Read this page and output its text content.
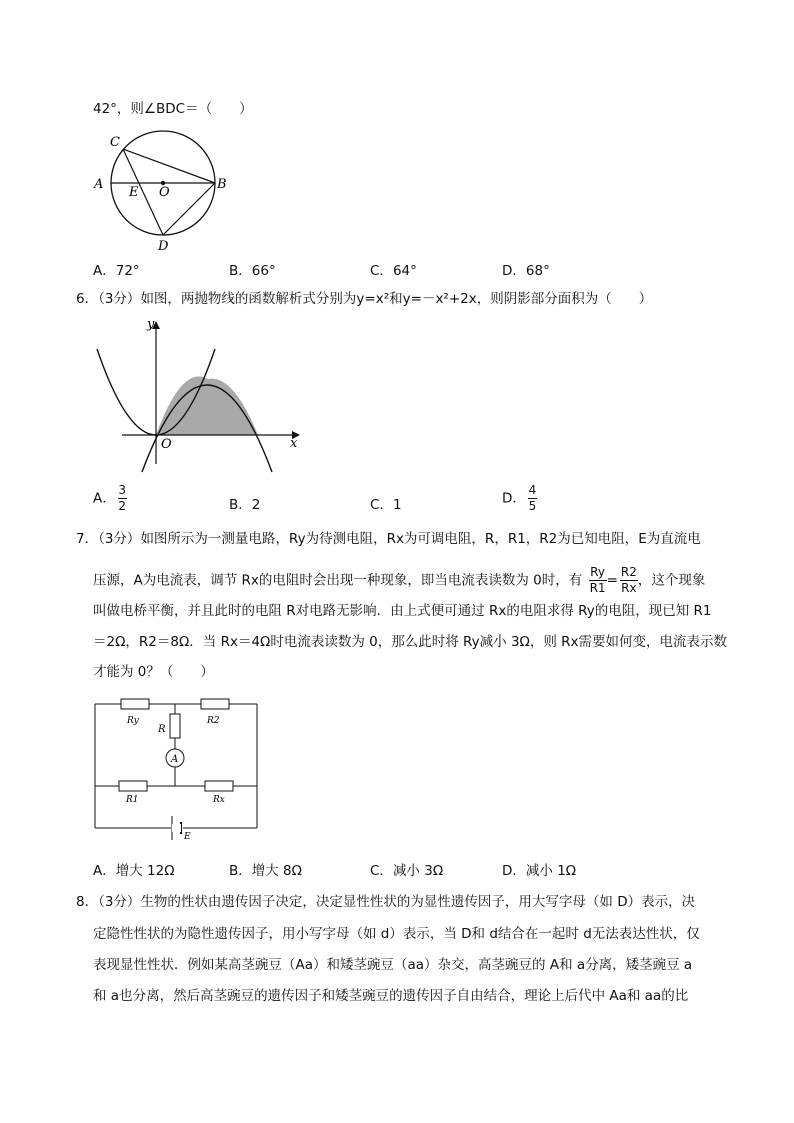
42°，则∠BDC＝（　　）
C
A
E O
B
D
A．72°	B．66°	C．64°	D．68°
6．（3分）如图，两抛物线的函数解析式分别为y=x²和y=－x²+2x，则阴影部分面积为（　　）
y
x
O
A． $\frac{3}{2}$	B．2	C．1	D． $\frac{4}{5}$
7．（3分）如图所示为一测量电路，Ry为待测电阻，Rx为可调电阻，R，R1，R2为已知电阻，E为直流电
压源，A为电流表，调节 Rx的电阻时会出现一种现象，即当电流表读数为 0时，有 $\frac{Ry}{R1} = \frac{R2}{Rx}$ ，这个现象
叫做电桥平衡，并且此时的电阻 R对电路无影响．由上式便可通过 Rx的电阻求得 Ry的电阻，现已知 R1
＝2Ω，R2＝8Ω．当 Rx＝4Ω时电流表读数为 0，那么此时将 Ry减小 3Ω，则 Rx需要如何变，电流表示数
才能为 0？（　　）
Ry	R2
R
A
R1	Rx
E
A．增大 12Ω	B．增大 8Ω	C．减小 3Ω	D．减小 1Ω
8．（3分）生物的性状由遗传因子决定，决定显性性状的为显性遗传因子，用大写字母（如 D）表示，决
定隐性性状的为隐性遗传因子，用小写字母（如 d）表示，当 D和 d结合在一起时 d无法表达性状，仅
表现显性性状．例如某高茎豌豆（Aa）和矮茎豌豆（aa）杂交，高茎豌豆的 A和 a分离，矮茎豌豆 a
和 a也分离，然后高茎豌豆的遗传因子和矮茎豌豆的遗传因子自由结合，理论上后代中 Aa和 aa的比
